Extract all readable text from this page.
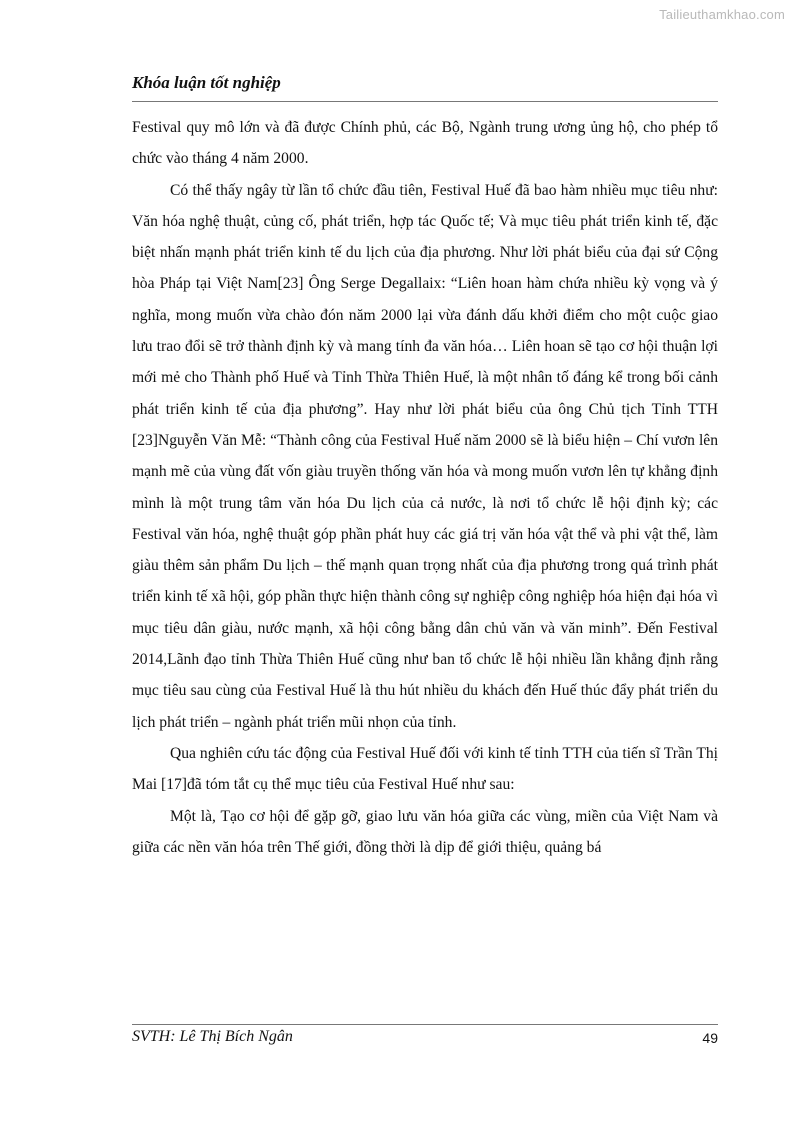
Tailieuthamkhao.com
Khóa luận tốt nghiệp

Festival quy mô lớn và đã được Chính phủ, các Bộ, Ngành trung ương ủng hộ, cho phép tổ chức vào tháng 4 năm 2000.

Có thể thấy ngây từ lần tổ chức đầu tiên, Festival Huế đã bao hàm nhiều mục tiêu như: Văn hóa nghệ thuật, củng cố, phát triển, hợp tác Quốc tế; Và mục tiêu phát triển kinh tế, đặc biệt nhấn mạnh phát triển kinh tế du lịch của địa phương. Như lời phát biểu của đại sứ Cộng hòa Pháp tại Việt Nam[23] Ông Serge Degallaix: “Liên hoan hàm chứa nhiều kỳ vọng và ý nghĩa, mong muốn vừa chào đón năm 2000 lại vừa đánh dấu khởi điểm cho một cuộc giao lưu trao đổi sẽ trở thành định kỳ và mang tính đa văn hóa… Liên hoan sẽ tạo cơ hội thuận lợi mới mẻ cho Thành phố Huế và Tỉnh Thừa Thiên Huế, là một nhân tố đáng kể trong bối cảnh phát triển kinh tế của địa phương”. Hay như lời phát biểu của ông Chủ tịch Tỉnh TTH [23]Nguyễn Văn Mễ: “Thành công của Festival Huế năm 2000 sẽ là biểu hiện – Chí vươn lên mạnh mẽ của vùng đất vốn giàu truyền thống văn hóa và mong muốn vươn lên tự khẳng định mình là một trung tâm văn hóa Du lịch của cả nước, là nơi tổ chức lễ hội định kỳ; các Festival văn hóa, nghệ thuật góp phần phát huy các giá trị văn hóa vật thể và phi vật thể, làm giàu thêm sản phẩm Du lịch – thế mạnh quan trọng nhất của địa phương trong quá trình phát triển kinh tế xã hội, góp phần thực hiện thành công sự nghiệp công nghiệp hóa hiện đại hóa vì mục tiêu dân giàu, nước mạnh, xã hội công bằng dân chủ văn và văn minh”. Đến Festival 2014,Lãnh đạo tỉnh Thừa Thiên Huế cũng như ban tổ chức lễ hội nhiều lần khẳng định rằng mục tiêu sau cùng của Festival Huế là thu hút nhiều du khách đến Huế thúc đẩy phát triển du lịch phát triển – ngành phát triển mũi nhọn của tỉnh.

Qua nghiên cứu tác động của Festival Huế đối với kinh tế tỉnh TTH của tiến sĩ Trần Thị Mai [17]đã tóm tắt cụ thể mục tiêu của Festival Huế như sau:

Một là, Tạo cơ hội để gặp gỡ, giao lưu văn hóa giữa các vùng, miền của Việt Nam và giữa các nền văn hóa trên Thế giới, đồng thời là dịp để giới thiệu, quảng bá

SVTH: Lê Thị Bích Ngân	49
